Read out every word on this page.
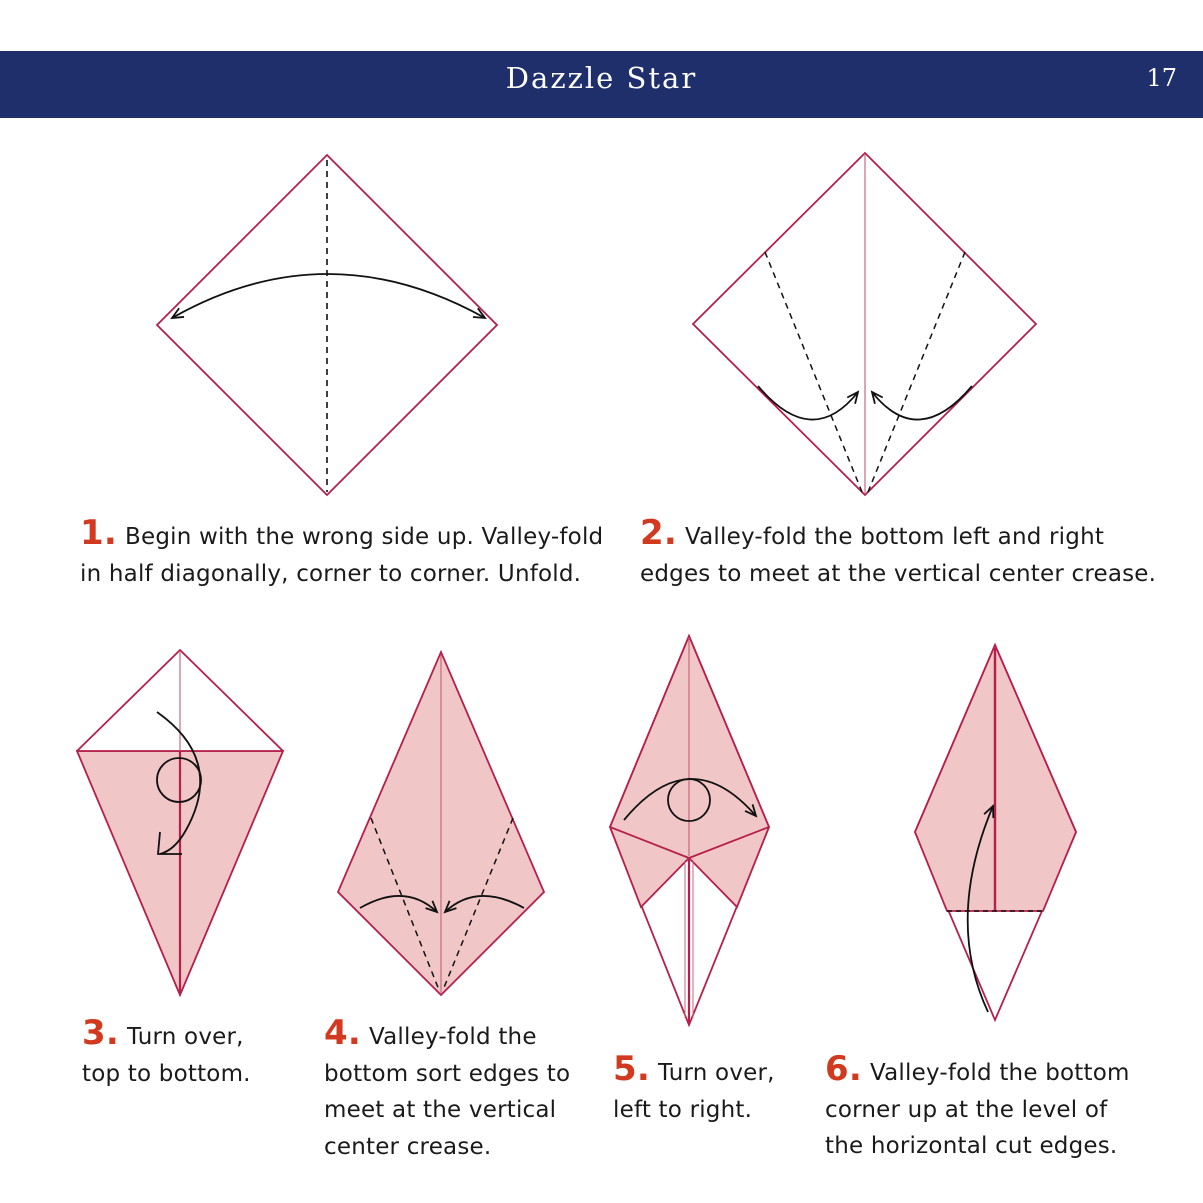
Dazzle Star	17
1. Begin with the wrong side up. Valley-fold
in half diagonally, corner to corner. Unfold.
2. Valley-fold the bottom left and right
edges to meet at the vertical center crease.
3. Turn over,
top to bottom.
4. Valley-fold the
bottom sort edges to
meet at the vertical
center crease.
5. Turn over,
left to right.
6. Valley-fold the bottom
corner up at the level of
the horizontal cut edges.
